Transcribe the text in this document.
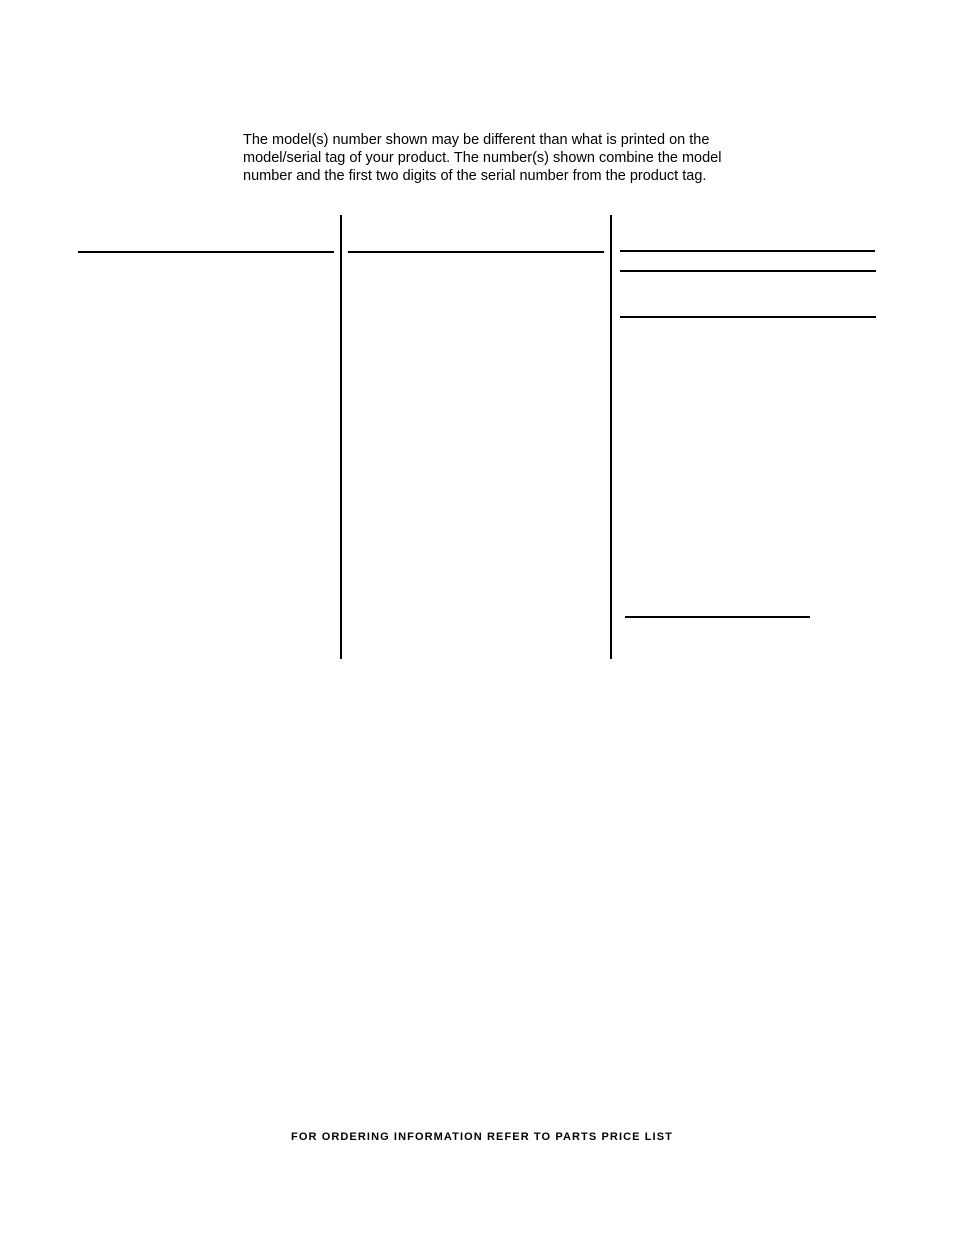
The model(s) number shown may be different than what is printed on the
model/serial tag of your product. The number(s) shown combine the model
number and the first two digits of the serial number from the product tag.

FOR ORDERING INFORMATION REFER TO PARTS PRICE LIST
